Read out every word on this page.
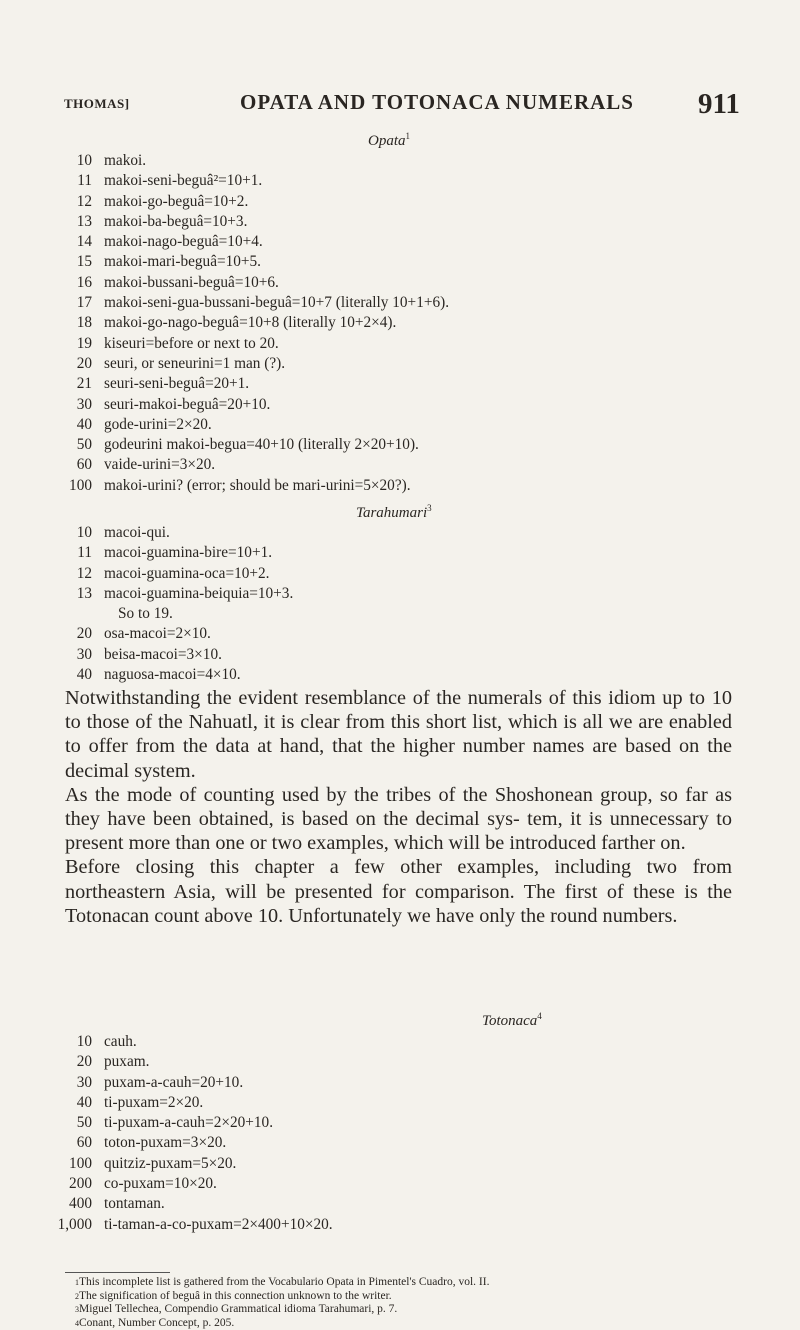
THOMAS]	OPATA AND TOTONACA NUMERALS 911
Opata$^1$
10 makoi.
11 makoi-seni-beguâ²=10+1.
12 makoi-go-beguâ=10+2.
13 makoi-ba-beguâ=10+3.
14 makoi-nago-beguâ=10+4.
15 makoi-mari-beguâ=10+5.
16 makoi-bussani-beguâ=10+6.
17 makoi-seni-gua-bussani-beguâ=10+7 (literally 10+1+6).
18 makoi-go-nago-beguâ=10+8 (literally 10+2×4).
19 kiseuri=before or next to 20.
20 seuri, or seneurini=1 man (?).
21 seuri-seni-beguâ=20+1.
30 seuri-makoi-beguâ=20+10.
40 gode-urini=2×20.
50 godeurini makoi-begua=40+10 (literally 2×20+10).
60 vaide-urini=3×20.
100 makoi-urini? (error; should be mari-urini=5×20?).
Tarahumari$^3$
10 macoi-qui.
11 macoi-guamina-bire=10+1.
12 macoi-guamina-oca=10+2.
13 macoi-guamina-beiquia=10+3.
So to 19.
20 osa-macoi=2×10.
30 beisa-macoi=3×10.
40 naguosa-macoi=4×10.

Notwithstanding the evident resemblance of the numerals of this idiom up to 10 to those of the Nahuatl, it is clear from this short list, which is all we are enabled to offer from the data at hand, that the higher number names are based on the decimal system.

As the mode of counting used by the tribes of the Shoshonean group, so far as they have been obtained, is based on the decimal sys- tem, it is unnecessary to present more than one or two examples, which will be introduced farther on.

Before closing this chapter a few other examples, including two from northeastern Asia, will be presented for comparison. The first of these is the Totonacan count above 10. Unfortunately we have only the round numbers.

Totonaca$^4$
10 cauh.
20 puxam.
30 puxam-a-cauh=20+10.
40 ti-puxam=2×20.
50 ti-puxam-a-cauh=2×20+10.
60 toton-puxam=3×20.
100 quitziz-puxam=5×20.
200 co-puxam=10×20.
400 tontaman.
1,000 ti-taman-a-co-puxam=2×400+10×20.
$^1$This incomplete list is gathered from the Vocabulario Opata in Pimentel's Cuadro, vol. II.
$^2$The signification of beguâ in this connection unknown to the writer.
$^3$Miguel Tellechea, Compendio Grammatical idioma Tarahumari, p. 7.
$^4$Conant, Number Concept, p. 205.
